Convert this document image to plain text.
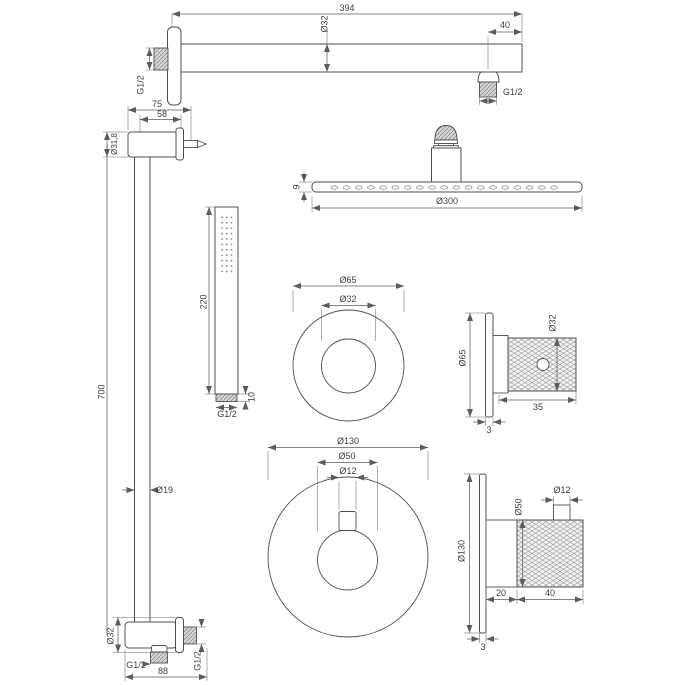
394
Ø32	40
G1/2	G1/2
75
58
Ø31,8
700
Ø19
Ø32
G1/2
G1/2
88
220
10
G1/2
9
Ø300
Ø65
Ø32
Ø65
Ø32
35
3
Ø130
Ø50
Ø12
Ø12
Ø50
Ø130
20	40
3
